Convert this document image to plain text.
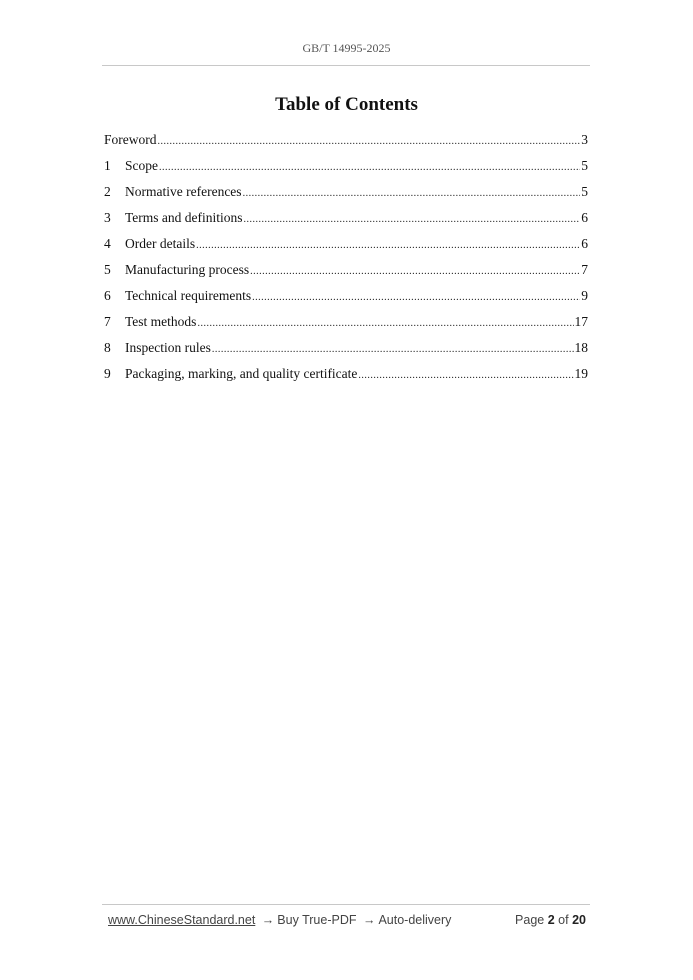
GB/T 14995-2025
Table of Contents
Foreword .....	3
1	Scope .....	5
2	Normative references .....	5
3	Terms and definitions .....	6
4	Order details .....	6
5	Manufacturing process .....	7
6	Technical requirements .....	9
7	Test methods .....	17
8	Inspection rules .....	18
9	Packaging, marking, and quality certificate .....	19
www.ChineseStandard.net → Buy True-PDF → Auto-delivery	Page 2 of 20
